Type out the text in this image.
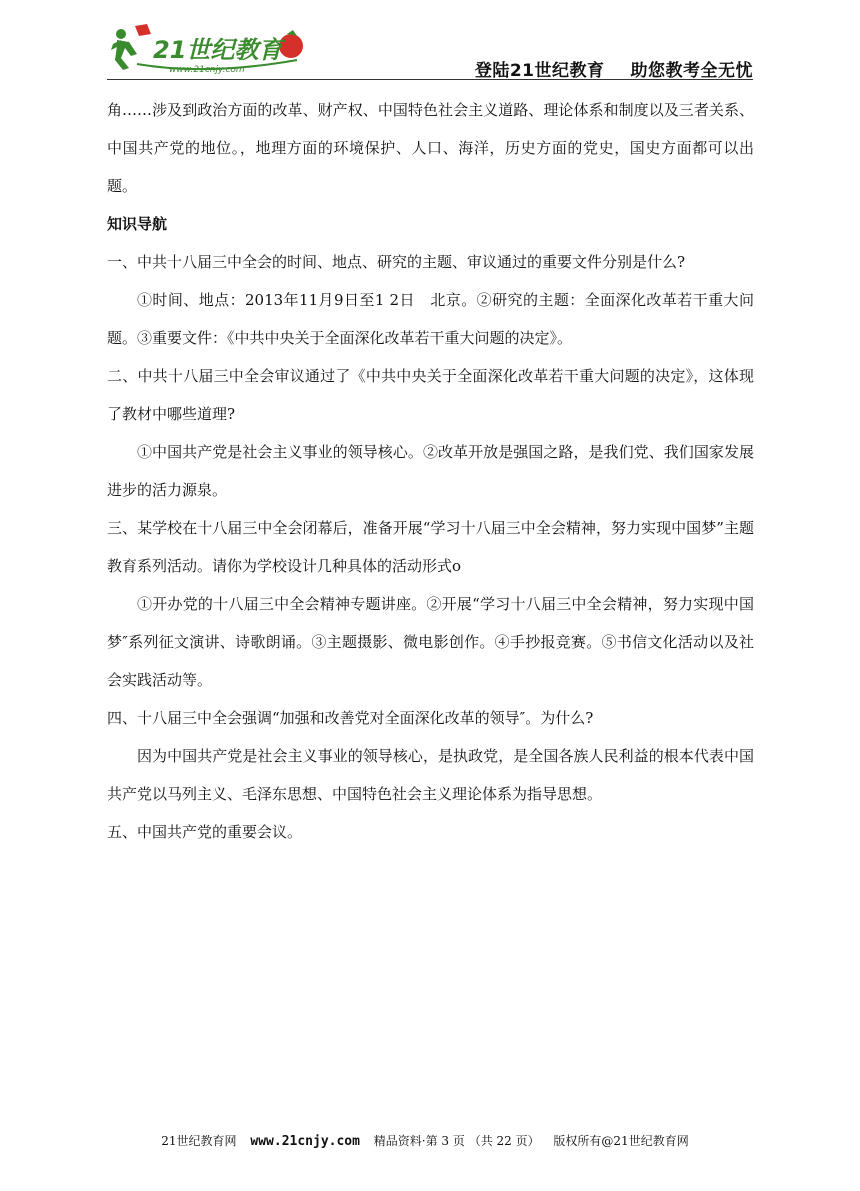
21世纪教育
www.21cnjy.com	登陆21世纪教育 助您教考全无忧

角……涉及到政治方面的改革、财产权、中国特色社会主义道路、理论体系和制度以及三者关系、中国共产党的地位。，地理方面的环境保护、人口、海洋，历史方面的党史，国史方面都可以出题。

知识导航

一、中共十八届三中全会的时间、地点、研究的主题、审议通过的重要文件分别是什么?

①时间、地点：2013年11月9日至1 2日　北京。②研究的主题：全面深化改革若干重大问题。③重要文件：《中共中央关于全面深化改革若干重大问题的决定》。

二、中共十八届三中全会审议通过了《中共中央关于全面深化改革若干重大问题的决定》，这体现了教材中哪些道理?

①中国共产党是社会主义事业的领导核心。②改革开放是强国之路，是我们党、我们国家发展进步的活力源泉。

三、某学校在十八届三中全会闭幕后，准备开展“学习十八届三中全会精神，努力实现中国梦”主题教育系列活动。请你为学校设计几种具体的活动形式o

①开办党的十八届三中全会精神专题讲座。②开展“学习十八届三中全会精神，努力实现中国梦″系列征文演讲、诗歌朗诵。③主题摄影、微电影创作。④手抄报竞赛。⑤书信文化活动以及社会实践活动等。

四、十八届三中全会强调“加强和改善党对全面深化改革的领导″。为什么?

因为中国共产党是社会主义事业的领导核心，是执政党，是全国各族人民利益的根本代表中国共产党以马列主义、毛泽东思想、中国特色社会主义理论体系为指导思想。

五、中国共产党的重要会议。

21世纪教育网 www.21cnjy.com 精品资料·第 3 页 （共 22 页） 版权所有@21世纪教育网
